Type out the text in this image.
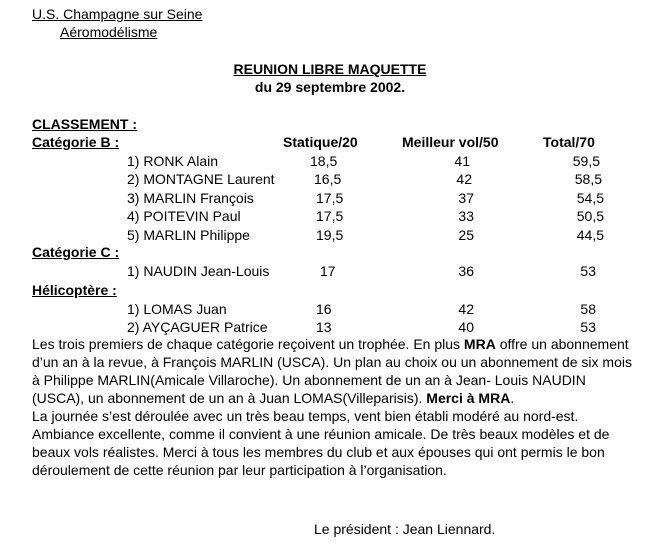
U.S. Champagne sur Seine
Aéromodélisme
REUNION LIBRE MAQUETTE
du 29 septembre 2002.
CLASSEMENT :
Catégorie B :	Statique/20	Meilleur vol/50	Total/70
1) RONK Alain	18,5	41	59,5
2) MONTAGNE Laurent	16,5	42	58,5
3) MARLIN François	17,5	37	54,5
4) POITEVIN Paul	17,5	33	50,5
5) MARLIN Philippe	19,5	25	44,5
Catégorie C :
1) NAUDIN Jean-Louis	17	36	53
Hélicoptère :
1) LOMAS Juan	16	42	58
2) AYÇAGUER Patrice	13	40	53

Les trois premiers de chaque catégorie reçoivent un trophée. En plus MRA offre un abonnement d’un an à la revue, à François MARLIN (USCA). Un plan au choix ou un abonnement de six mois à Philippe MARLIN(Amicale Villaroche). Un abonnement de un an à Jean- Louis NAUDIN (USCA), un abonnement de un an à Juan LOMAS(Villeparisis). Merci à MRA.

La journée s’est déroulée avec un très beau temps, vent bien établi modéré au nord-est. Ambiance excellente, comme il convient à une réunion amicale. De très beaux modèles et de beaux vols réalistes. Merci à tous les membres du club et aux épouses qui ont permis le bon déroulement de cette réunion par leur participation à l’organisation.

Le président : Jean Liennard.
